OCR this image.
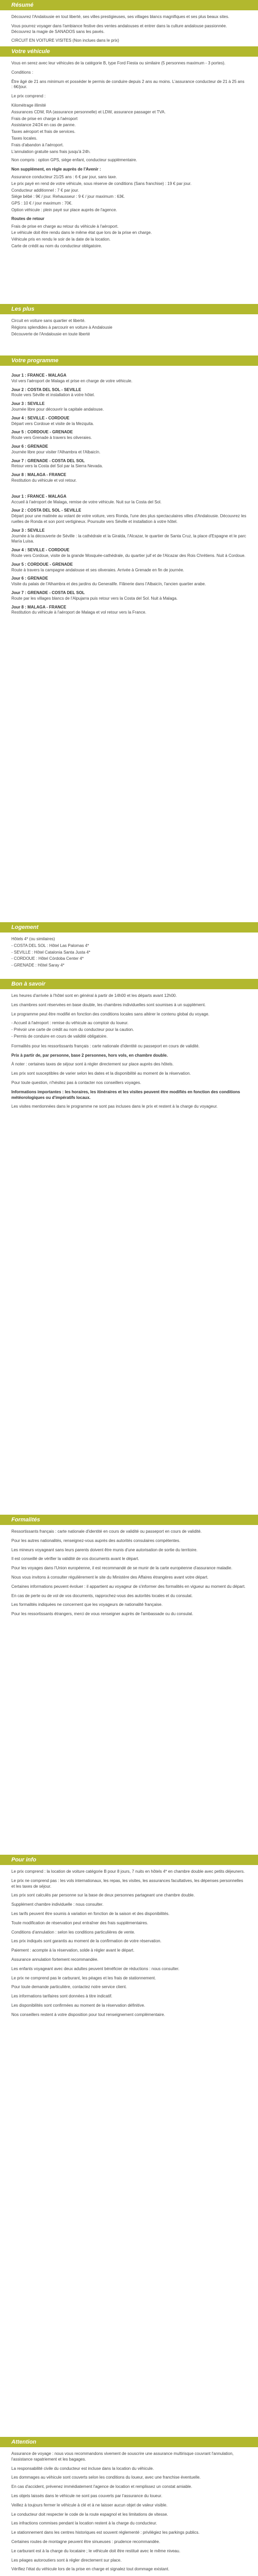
Résumé

Découvrez l'Andalousie en tout liberté, ses villes prestigieuses, ses villages blancs magnifiques et ses plus beaux sites.

Vous pourrez voyager dans l'ambiance festive des ventes andalouses et entrer dans la culture andalouse passionnée. Découvrez la magie de SANADOS sans les pavés.

CIRCUIT EN VOITURE VISITES (Non inclues dans le prix)

Votre véhicule

Vous en serez avec leur véhicules de la catégorie B, type Ford Fiesta ou similaire (5 personnes maximum - 3 portes).

Conditions :

Être âgé de 21 ans minimum et posséder le permis de conduire depuis 2 ans au moins. L'assurance conducteur de 21 à 25 ans : 6€/jour.

Le prix comprend :

Kilométrage illimité
Assurances CDW, RA (assurance personnelle) et LDW, assurance passager et TVA.
Frais de prise en charge à l'aéroport
Assistance 24/24 en cas de panne.
Taxes aéroport et frais de services.
Taxes locales.
Frais d'abandon à l'aéroport.
L'annulation gratuite sans frais jusqu'à 24h.

Non compris : option GPS, siège enfant, conducteur supplémentaire.

Non supplément, en règle auprès de l'Avenir :
Assurance conducteur 21/25 ans : 6 € par jour, sans taxe.
Le prix payé en rend de votre véhicule, sous réserve de conditions (Sans franchise) : 19 € par jour.
Conducteur additionnel : 7 € par jour.
Siège bébé : 9€ / jour. Rehausseur : 9 € / jour maximum : 63€.
GPS : 10 € / jour maximum : 70€.
Option véhicule : plein payé sur place auprès de l'agence.
Routes de retour
Frais de prise en charge au retour du véhicule à l'aéroport.
Le véhicule doit être rendu dans le même état que lors de la prise en charge.
Véhicule pris en rendu le soir de la date de la location.
Carte de crédit au nom du conducteur obligatoire.
Les plus
Circuit en voiture sans quartier et liberté.
Régions splendides à parcourir en voiture à Andalousie
Découverte de l'Andalousie en toute liberté
Votre programme
Jour 1 : FRANCE - MALAGA
Vol vers l'aéroport de Malaga et prise en charge de votre véhicule.
Jour 2 : COSTA DEL SOL - SEVILLE
Route vers Séville et installation à votre hôtel.
Jour 3 : SEVILLE
Journée libre pour découvrir la capitale andalouse.
Jour 4 : SEVILLE - CORDOUE
Départ vers Cordoue et visite de la Mezquita.
Jour 5 : CORDOUE - GRENADE
Route vers Grenade à travers les oliveraies.
Jour 6 : GRENADE
Journée libre pour visiter l'Alhambra et l'Albaicín.
Jour 7 : GRENADE - COSTA DEL SOL
Retour vers la Costa del Sol par la Sierra Nevada.
Jour 8 : MALAGA - FRANCE
Restitution du véhicule et vol retour.
Jour 1 : FRANCE - MALAGA
Accueil à l'aéroport de Malaga, remise de votre véhicule. Nuit sur la Costa del Sol.
Jour 2 : COSTA DEL SOL - SEVILLE
Départ pour une matinée au volant de votre voiture, vers Ronda, l'une des plus spectaculaires villes d'Andalousie. Découvrez les ruelles de Ronda et son pont vertigineux. Poursuite vers Séville et installation à votre hôtel.
Jour 3 : SEVILLE
Journée à la découverte de Séville : la cathédrale et la Giralda, l'Alcazar, le quartier de Santa Cruz, la place d'Espagne et le parc María Luisa.
Jour 4 : SEVILLE - CORDOUE
Route vers Cordoue, visite de la grande Mosquée-cathédrale, du quartier juif et de l'Alcazar des Rois Chrétiens. Nuit à Cordoue.
Jour 5 : CORDOUE - GRENADE
Route à travers la campagne andalouse et ses oliveraies. Arrivée à Grenade en fin de journée.
Jour 6 : GRENADE
Visite du palais de l'Alhambra et des jardins du Generalife. Flânerie dans l'Albaicín, l'ancien quartier arabe.
Jour 7 : GRENADE - COSTA DEL SOL
Route par les villages blancs de l'Alpujarra puis retour vers la Costa del Sol. Nuit à Malaga.
Jour 8 : MALAGA - FRANCE
Restitution du véhicule à l'aéroport de Malaga et vol retour vers la France.
Logement
Hôtels 4* (ou similaires)
- COSTA DEL SOL : Hôtel Las Palomas 4*
- SEVILLE : Hôtel Catalonia Santa Justa 4*
- CORDOUE : Hôtel Córdoba Center 4*
- GRENADE : Hôtel Saray 4*
Bon à savoir

Les heures d'arrivée à l'hôtel sont en général à partir de 14h00 et les départs avant 12h00.

Les chambres sont réservées en base double, les chambres individuelles sont soumises à un supplément.

Le programme peut être modifié en fonction des conditions locales sans altérer le contenu global du voyage.

- Accueil à l'aéroport : remise du véhicule au comptoir du loueur.
- Prévoir une carte de crédit au nom du conducteur pour la caution.
- Permis de conduire en cours de validité obligatoire.

Formalités pour les ressortissants français : carte nationale d'identité ou passeport en cours de validité.

Prix à partir de, par personne, base 2 personnes, hors vols, en chambre double.

À noter : certaines taxes de séjour sont à régler directement sur place auprès des hôtels.

Les prix sont susceptibles de varier selon les dates et la disponibilité au moment de la réservation.

Pour toute question, n'hésitez pas à contacter nos conseillers voyages.

Informations importantes : les horaires, les itinéraires et les visites peuvent être modifiés en fonction des conditions météorologiques ou d'impératifs locaux.

Les visites mentionnées dans le programme ne sont pas incluses dans le prix et restent à la charge du voyageur.

Formalités

Ressortissants français : carte nationale d'identité en cours de validité ou passeport en cours de validité.

Pour les autres nationalités, renseignez-vous auprès des autorités consulaires compétentes.

Les mineurs voyageant sans leurs parents doivent être munis d'une autorisation de sortie du territoire.

Il est conseillé de vérifier la validité de vos documents avant le départ.

Pour les voyages dans l'Union européenne, il est recommandé de se munir de la carte européenne d'assurance maladie.

Nous vous invitons à consulter régulièrement le site du Ministère des Affaires étrangères avant votre départ.

Certaines informations peuvent évoluer : il appartient au voyageur de s'informer des formalités en vigueur au moment du départ.

En cas de perte ou de vol de vos documents, rapprochez-vous des autorités locales et du consulat.

Les formalités indiquées ne concernent que les voyageurs de nationalité française.

Pour les ressortissants étrangers, merci de vous renseigner auprès de l'ambassade ou du consulat.

Pour info

Le prix comprend : la location de voiture catégorie B pour 8 jours, 7 nuits en hôtels 4* en chambre double avec petits déjeuners.

Le prix ne comprend pas : les vols internationaux, les repas, les visites, les assurances facultatives, les dépenses personnelles et les taxes de séjour.

Les prix sont calculés par personne sur la base de deux personnes partageant une chambre double.

Supplément chambre individuelle : nous consulter.

Les tarifs peuvent être soumis à variation en fonction de la saison et des disponibilités.

Toute modification de réservation peut entraîner des frais supplémentaires.

Conditions d'annulation : selon les conditions particulières de vente.

Les prix indiqués sont garantis au moment de la confirmation de votre réservation.

Paiement : acompte à la réservation, solde à régler avant le départ.

Assurance annulation fortement recommandée.

Les enfants voyageant avec deux adultes peuvent bénéficier de réductions : nous consulter.

Le prix ne comprend pas le carburant, les péages et les frais de stationnement.

Pour toute demande particulière, contactez notre service client.

Les informations tarifaires sont données à titre indicatif.

Les disponibilités sont confirmées au moment de la réservation définitive.

Nos conseillers restent à votre disposition pour tout renseignement complémentaire.

Attention

Assurance de voyage : nous vous recommandons vivement de souscrire une assurance multirisque couvrant l'annulation, l'assistance rapatriement et les bagages.

La responsabilité civile du conducteur est incluse dans la location du véhicule.

Les dommages au véhicule sont couverts selon les conditions du loueur, avec une franchise éventuelle.

En cas d'accident, prévenez immédiatement l'agence de location et remplissez un constat amiable.

Les objets laissés dans le véhicule ne sont pas couverts par l'assurance du loueur.

Veillez à toujours fermer le véhicule à clé et à ne laisser aucun objet de valeur visible.

Le conducteur doit respecter le code de la route espagnol et les limitations de vitesse.

Les infractions commises pendant la location restent à la charge du conducteur.

Le stationnement dans les centres historiques est souvent réglementé : privilégiez les parkings publics.

Certaines routes de montagne peuvent être sinueuses : prudence recommandée.

Le carburant est à la charge du locataire ; le véhicule doit être restitué avec le même niveau.

Les péages autoroutiers sont à régler directement sur place.

Vérifiez l'état du véhicule lors de la prise en charge et signalez tout dommage existant.
